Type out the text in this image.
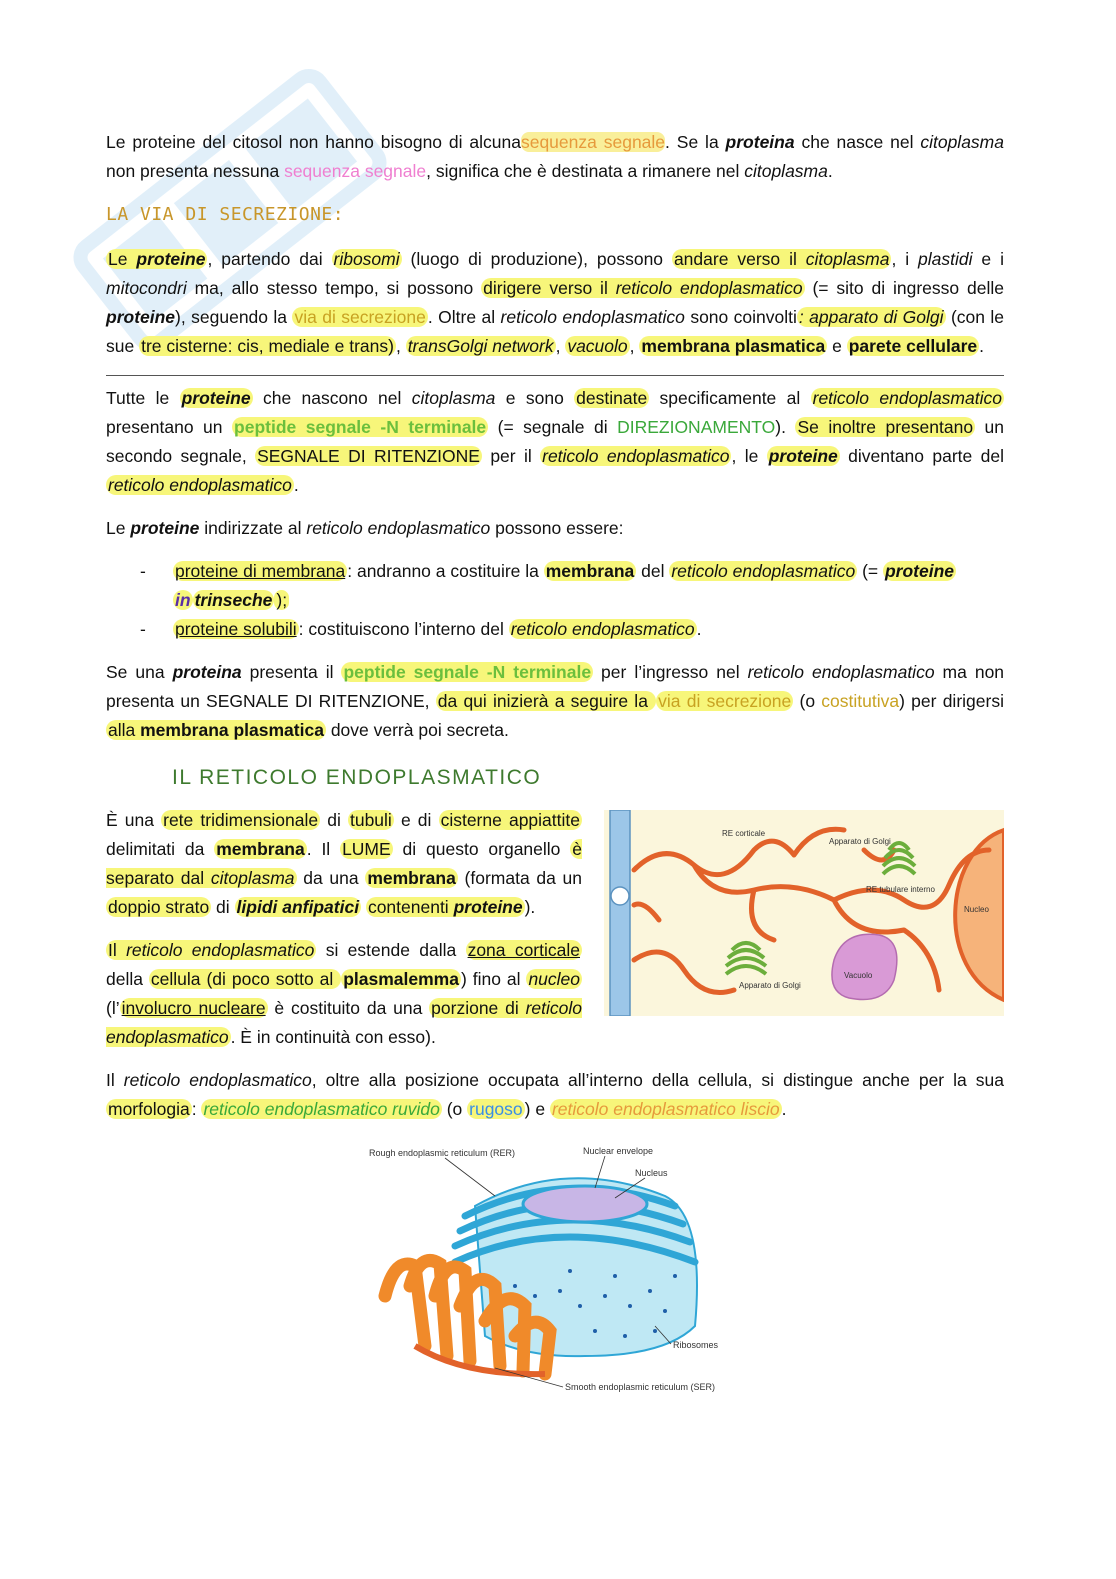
Le proteine del citosol non hanno bisogno di alcunasequenza segnale. Se la proteina che nasce nel citoplasma non presenta nessuna sequenza segnale, significa che è destinata a rimanere nel citoplasma.

LA VIA DI SECREZIONE:

Le proteine , partendo dai ribosomi (luogo di produzione), possono andare verso il citoplasma , i plastidi e i mitocondri ma, allo stesso tempo, si possono dirigere verso il reticolo endoplasmatico (= sito di ingresso delle proteine), seguendo la via di secrezione . Oltre al reticolo endoplasmatico sono coinvolti : apparato di Golgi (con le sue tre cisterne: cis, mediale e trans) , transGolgi network , vacuolo , membrana plasmatica e parete cellulare .

Tutte le proteine che nascono nel citoplasma e sono destinate specificamente al reticolo endoplasmatico presentano un peptide segnale -N terminale (= segnale di DIREZIONAMENTO). Se inoltre presentano un secondo segnale, SEGNALE DI RITENZIONE per il reticolo endoplasmatico , le proteine diventano parte del reticolo endoplasmatico .

Le proteine indirizzate al reticolo endoplasmatico possono essere:

- proteine di membrana : andranno a costituire la membrana del reticolo endoplasmatico (= proteine in trinseche );
- proteine solubili : costituiscono l’interno del reticolo endoplasmatico .

Se una proteina presenta il peptide segnale -N terminale per l’ingresso nel reticolo endoplasmatico ma non presenta un SEGNALE DI RITENZIONE, da qui inizierà a seguire la via di secrezione (o costitutiva) per dirigersi alla membrana plasmatica dove verrà poi secreta.

IL RETICOLO ENDOPLASMATICO
RE corticale
Apparato di Golgi
RE tubulare interno
Nucleo
Vacuolo
Apparato di Golgi

È una rete tridimensionale di tubuli e di cisterne appiattite delimitati da membrana . Il LUME di questo organello è separato dal citoplasma da una membrana (formata da un doppio strato di lipidi anfipatici contenenti proteine ).

Il reticolo endoplasmatico si estende dalla zona corticale della cellula (di poco sotto al plasmalemma ) fino al nucleo (l’ involucro nucleare è costituito da una porzione di reticolo endoplasmatico . È in continuità con esso).

Il reticolo endoplasmatico, oltre alla posizione occupata all’interno della cellula, si distingue anche per la sua morfologia : reticolo endoplasmatico ruvido (o rugoso ) e reticolo endoplasmatico liscio .

Rough endoplasmic reticulum (RER)	Nuclear envelope
Nucleus
Ribosomes
Smooth endoplasmic reticulum (SER)
